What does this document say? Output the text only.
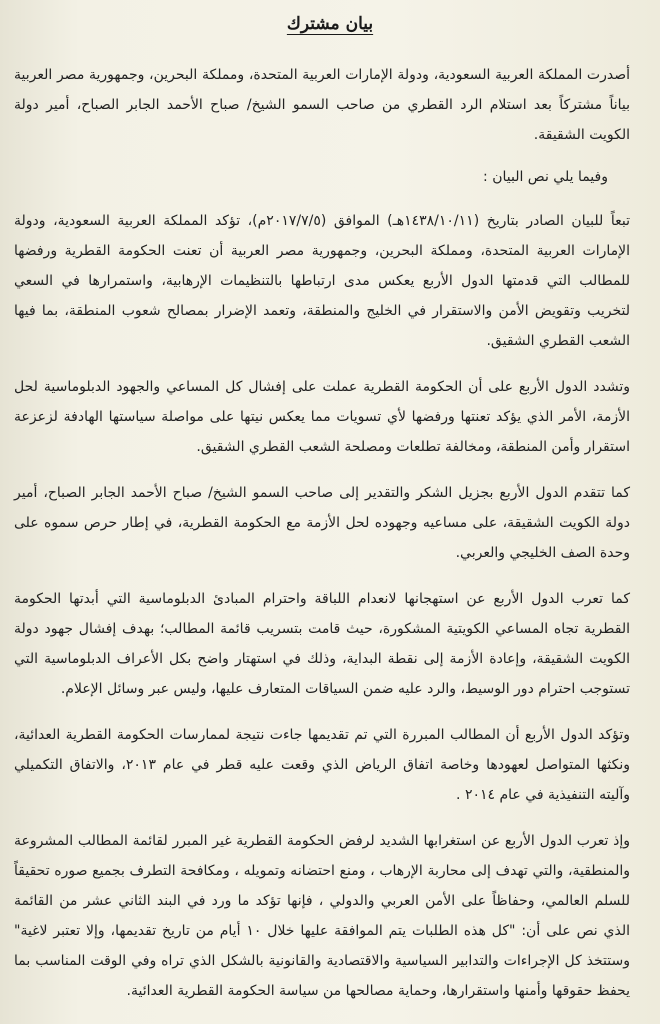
بيان مشترك

أصدرت المملكة العربية السعودية، ودولة الإمارات العربية المتحدة، ومملكة البحرين، وجمهورية مصر العربية بياناً مشتركاً بعد استلام الرد القطري من صاحب السمو الشيخ/ صباح الأحمد الجابر الصباح، أمير دولة الكويت الشقيقة.

وفيما يلي نص البيان :

تبعاً للبيان الصادر بتاريخ (١٤٣٨/١٠/١١هـ) الموافق (٢٠١٧/٧/٥م)، تؤكد المملكة العربية السعودية، ودولة الإمارات العربية المتحدة، ومملكة البحرين، وجمهورية مصر العربية أن تعنت الحكومة القطرية ورفضها للمطالب التي قدمتها الدول الأربع يعكس مدى ارتباطها بالتنظيمات الإرهابية، واستمرارها في السعي لتخريب وتقويض الأمن والاستقرار في الخليج والمنطقة، وتعمد الإضرار بمصالح شعوب المنطقة، بما فيها الشعب القطري الشقيق.

وتشدد الدول الأربع على أن الحكومة القطرية عملت على إفشال كل المساعي والجهود الدبلوماسية لحل الأزمة، الأمر الذي يؤكد تعنتها ورفضها لأي تسويات مما يعكس نيتها على مواصلة سياستها الهادفة لزعزعة استقرار وأمن المنطقة، ومخالفة تطلعات ومصلحة الشعب القطري الشقيق.

كما تتقدم الدول الأربع بجزيل الشكر والتقدير إلى صاحب السمو الشيخ/ صباح الأحمد الجابر الصباح، أمير دولة الكويت الشقيقة، على مساعيه وجهوده لحل الأزمة مع الحكومة القطرية، في إطار حرص سموه على وحدة الصف الخليجي والعربي.

كما تعرب الدول الأربع عن استهجانها لانعدام اللباقة واحترام المبادئ الدبلوماسية التي أبدتها الحكومة القطرية تجاه المساعي الكويتية المشكورة، حيث قامت بتسريب قائمة المطالب؛ بهدف إفشال جهود دولة الكويت الشقيقة، وإعادة الأزمة إلى نقطة البداية، وذلك في استهتار واضح بكل الأعراف الدبلوماسية التي تستوجب احترام دور الوسيط، والرد عليه ضمن السياقات المتعارف عليها، وليس عبر وسائل الإعلام.

وتؤكد الدول الأربع أن المطالب المبررة التي تم تقديمها جاءت نتيجة لممارسات الحكومة القطرية العدائية، ونكثها المتواصل لعهودها وخاصة اتفاق الرياض الذي وقعت عليه قطر في عام ٢٠١٣، والاتفاق التكميلي وآليته التنفيذية في عام ٢٠١٤ .

وإذ تعرب الدول الأربع عن استغرابها الشديد لرفض الحكومة القطرية غير المبرر لقائمة المطالب المشروعة والمنطقية، والتي تهدف إلى محاربة الإرهاب ، ومنع احتضانه وتمويله ، ومكافحة التطرف بجميع صوره تحقيقاً للسلم العالمي، وحفاظاً على الأمن العربي والدولي ، فإنها تؤكد ما ورد في البند الثاني عشر من القائمة الذي نص على أن: "كل هذه الطلبات يتم الموافقة عليها خلال ١٠ أيام من تاريخ تقديمها، وإلا تعتبر لاغية" وستتخذ كل الإجراءات والتدابير السياسية والاقتصادية والقانونية بالشكل الذي تراه وفي الوقت المناسب بما يحفظ حقوقها وأمنها واستقرارها، وحماية مصالحها من سياسة الحكومة القطرية العدائية.
